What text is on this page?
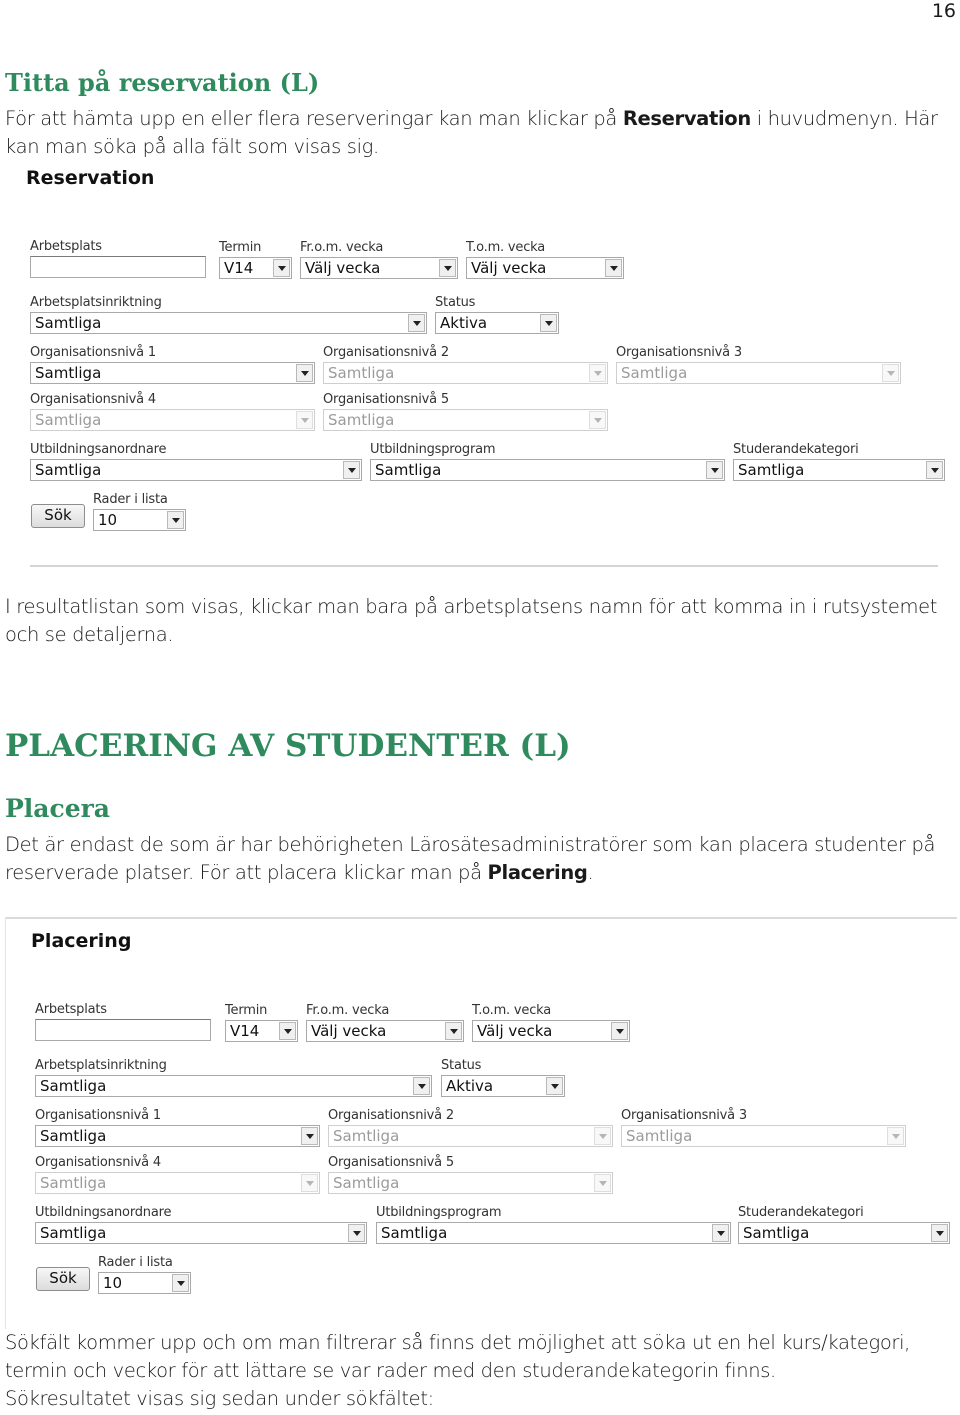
16
Titta på reservation (L)

För att hämta upp en eller flera reserveringar kan man klickar på Reservation i huvudmenyn. Här kan man söka på alla fält som visas sig.

Reservation
Arbetsplats	Termin
V14
Fr.o.m. vecka
Välj vecka
T.o.m. vecka
Välj vecka
Arbetsplatsinriktning
Samtliga
Status
Aktiva
Organisationsnivå 1
Samtliga
Organisationsnivå 2
Samtliga
Organisationsnivå 3
Samtliga
Organisationsnivå 4
Samtliga
Organisationsnivå 5
Samtliga
Utbildningsanordnare
Samtliga
Utbildningsprogram
Samtliga
Studerandekategori
Samtliga
Sök
Rader i lista
10

I resultatlistan som visas, klickar man bara på arbetsplatsens namn för att komma in i rutsystemet och se detaljerna.

PLACERING AV STUDENTER (L)
Placera

Det är endast de som är har behörigheten Lärosätesadministratörer som kan placera studenter på reserverade platser. För att placera klickar man på Placering.

Placering
Arbetsplats	Termin
V14
Fr.o.m. vecka
Välj vecka
T.o.m. vecka
Välj vecka
Arbetsplatsinriktning
Samtliga
Status
Aktiva
Organisationsnivå 1
Samtliga
Organisationsnivå 2
Samtliga
Organisationsnivå 3
Samtliga
Organisationsnivå 4
Samtliga
Organisationsnivå 5
Samtliga
Utbildningsanordnare
Samtliga
Utbildningsprogram
Samtliga
Studerandekategori
Samtliga
Sök
Rader i lista
10

Sökfält kommer upp och om man filtrerar så finns det möjlighet att söka ut en hel kurs/kategori,
termin och veckor för att lättare se var rader med den studerandekategorin finns.
Sökresultatet visas sig sedan under sökfältet:
